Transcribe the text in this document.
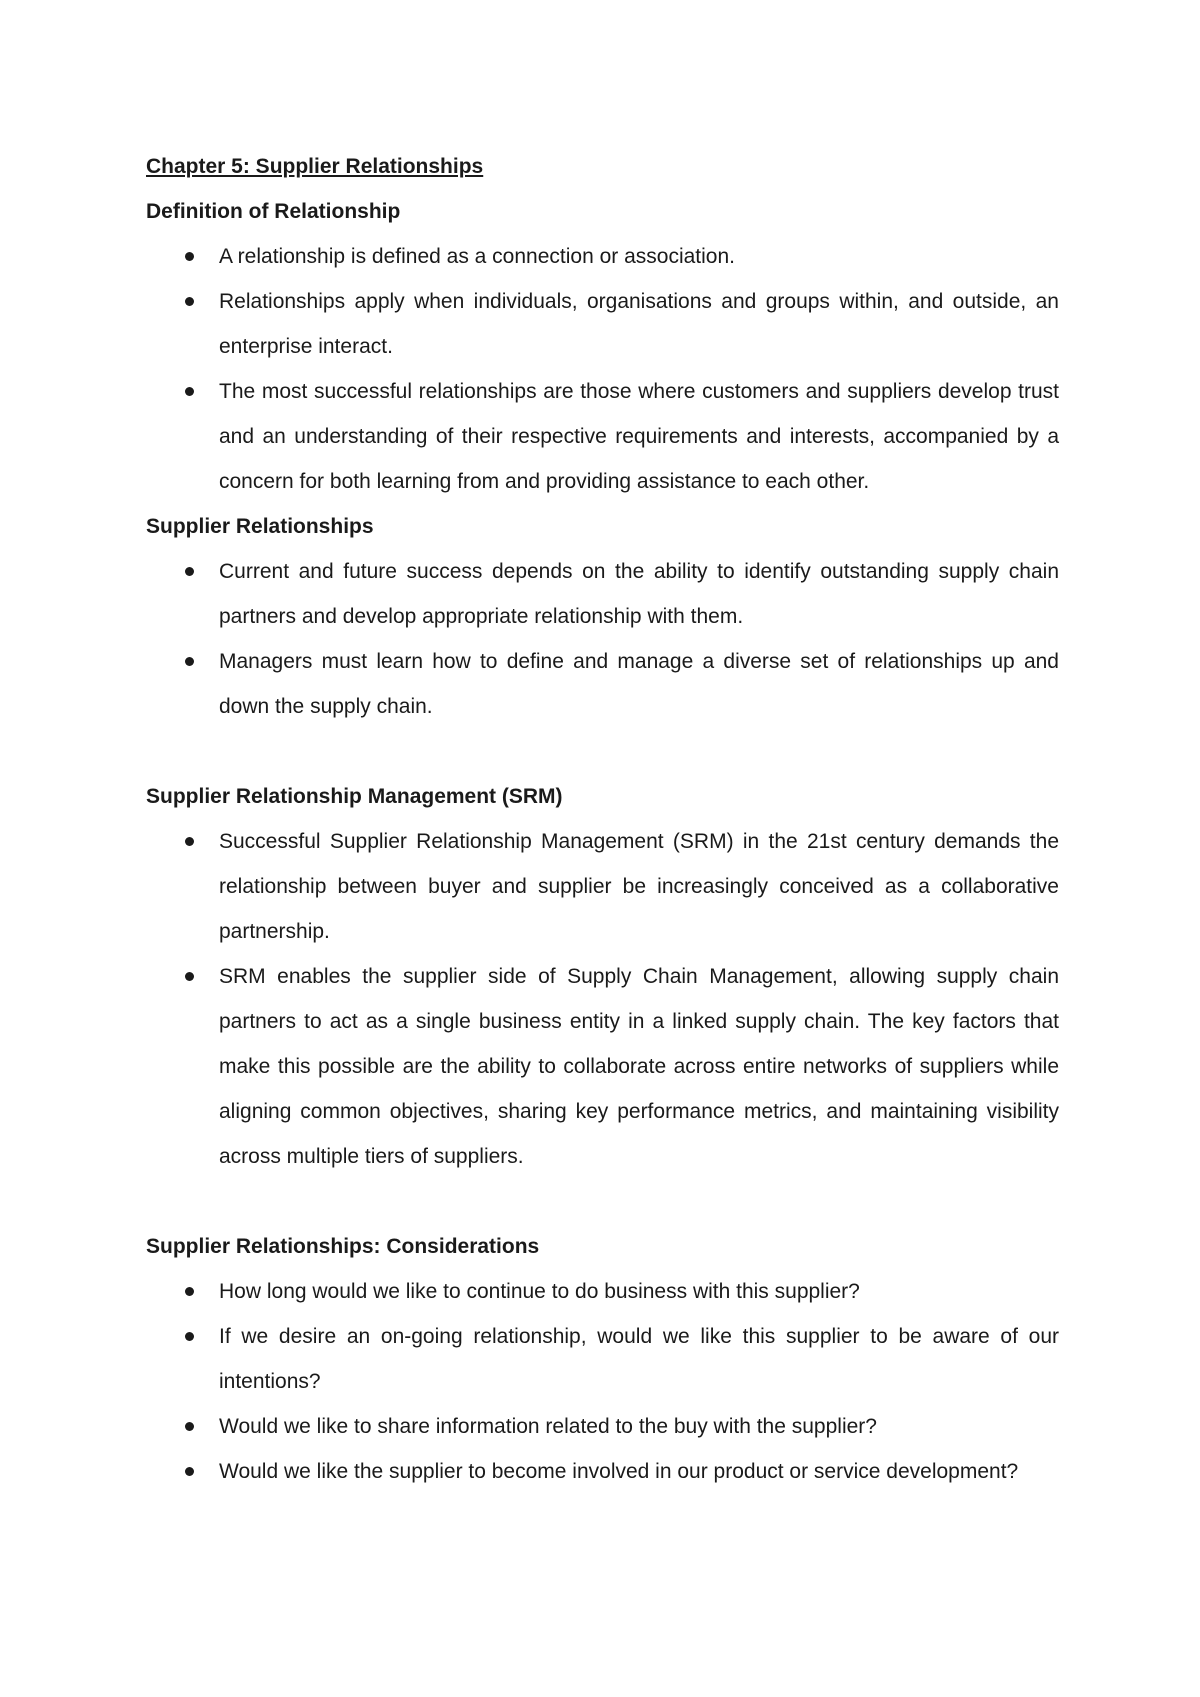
Chapter 5: Supplier Relationships

Definition of Relationship

A relationship is defined as a connection or association.
Relationships apply when individuals, organisations and groups within, and outside, an enterprise interact.
The most successful relationships are those where customers and suppliers develop trust and an understanding of their respective requirements and interests, accompanied by a concern for both learning from and providing assistance to each other.

Supplier Relationships

Current and future success depends on the ability to identify outstanding supply chain partners and develop appropriate relationship with them.
Managers must learn how to define and manage a diverse set of relationships up and down the supply chain.

Supplier Relationship Management (SRM)

Successful Supplier Relationship Management (SRM) in the 21st century demands the relationship between buyer and supplier be increasingly conceived as a collaborative partnership.
SRM enables the supplier side of Supply Chain Management, allowing supply chain partners to act as a single business entity in a linked supply chain. The key factors that make this possible are the ability to collaborate across entire networks of suppliers while aligning common objectives, sharing key performance metrics, and maintaining visibility across multiple tiers of suppliers.

Supplier Relationships: Considerations

How long would we like to continue to do business with this supplier?
If we desire an on-going relationship, would we like this supplier to be aware of our intentions?
Would we like to share information related to the buy with the supplier?
Would we like the supplier to become involved in our product or service development?
